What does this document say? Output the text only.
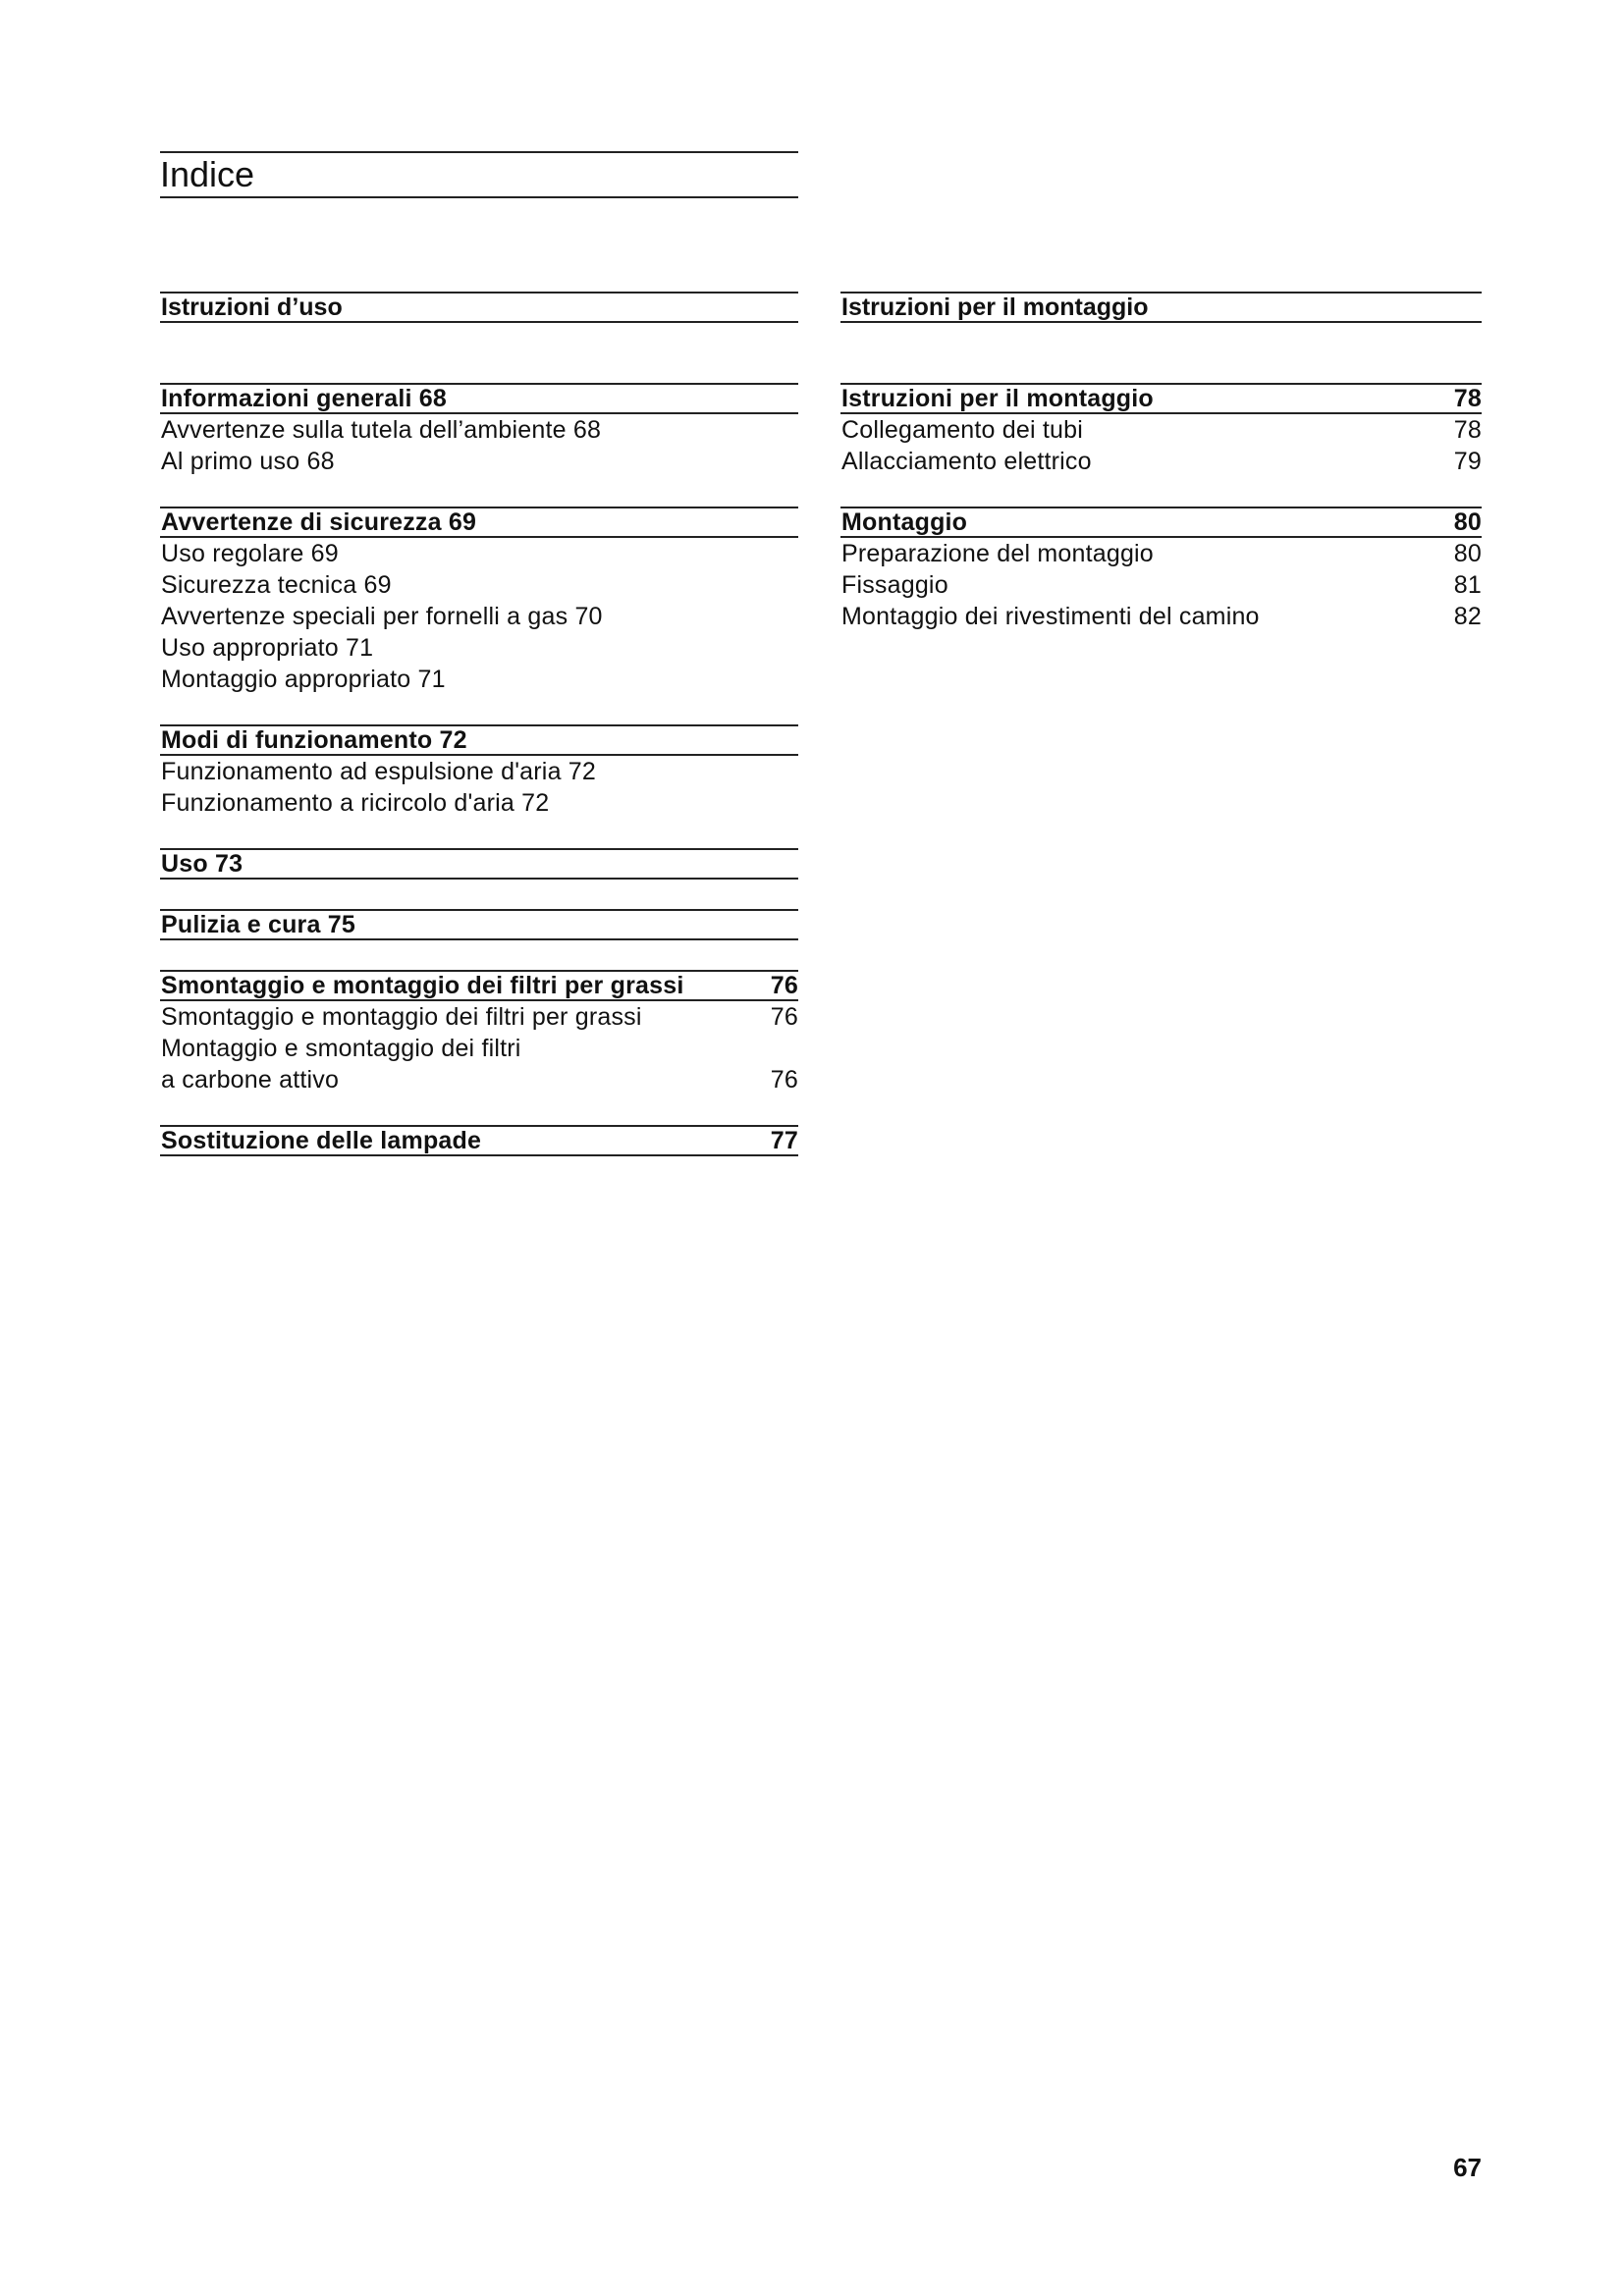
Indice
Istruzioni d’uso
Informazioni generali 68
Avvertenze sulla tutela dell’ambiente 68
Al primo uso 68
Avvertenze di sicurezza 69
Uso regolare 69
Sicurezza tecnica 69
Avvertenze speciali per fornelli a gas 70
Uso appropriato 71
Montaggio appropriato 71
Modi di funzionamento 72
Funzionamento ad espulsione d'aria 72
Funzionamento a ricircolo d'aria 72
Uso 73
Pulizia e cura 75
Smontaggio e montaggio dei filtri per grassi	76
Smontaggio e montaggio dei filtri per grassi	76
Montaggio e smontaggio dei filtri
a carbone attivo	76
Sostituzione delle lampade	77
Istruzioni per il montaggio
Istruzioni per il montaggio	78
Collegamento dei tubi	78
Allacciamento elettrico	79
Montaggio	80
Preparazione del montaggio	80
Fissaggio	81
Montaggio dei rivestimenti del camino	82
67
